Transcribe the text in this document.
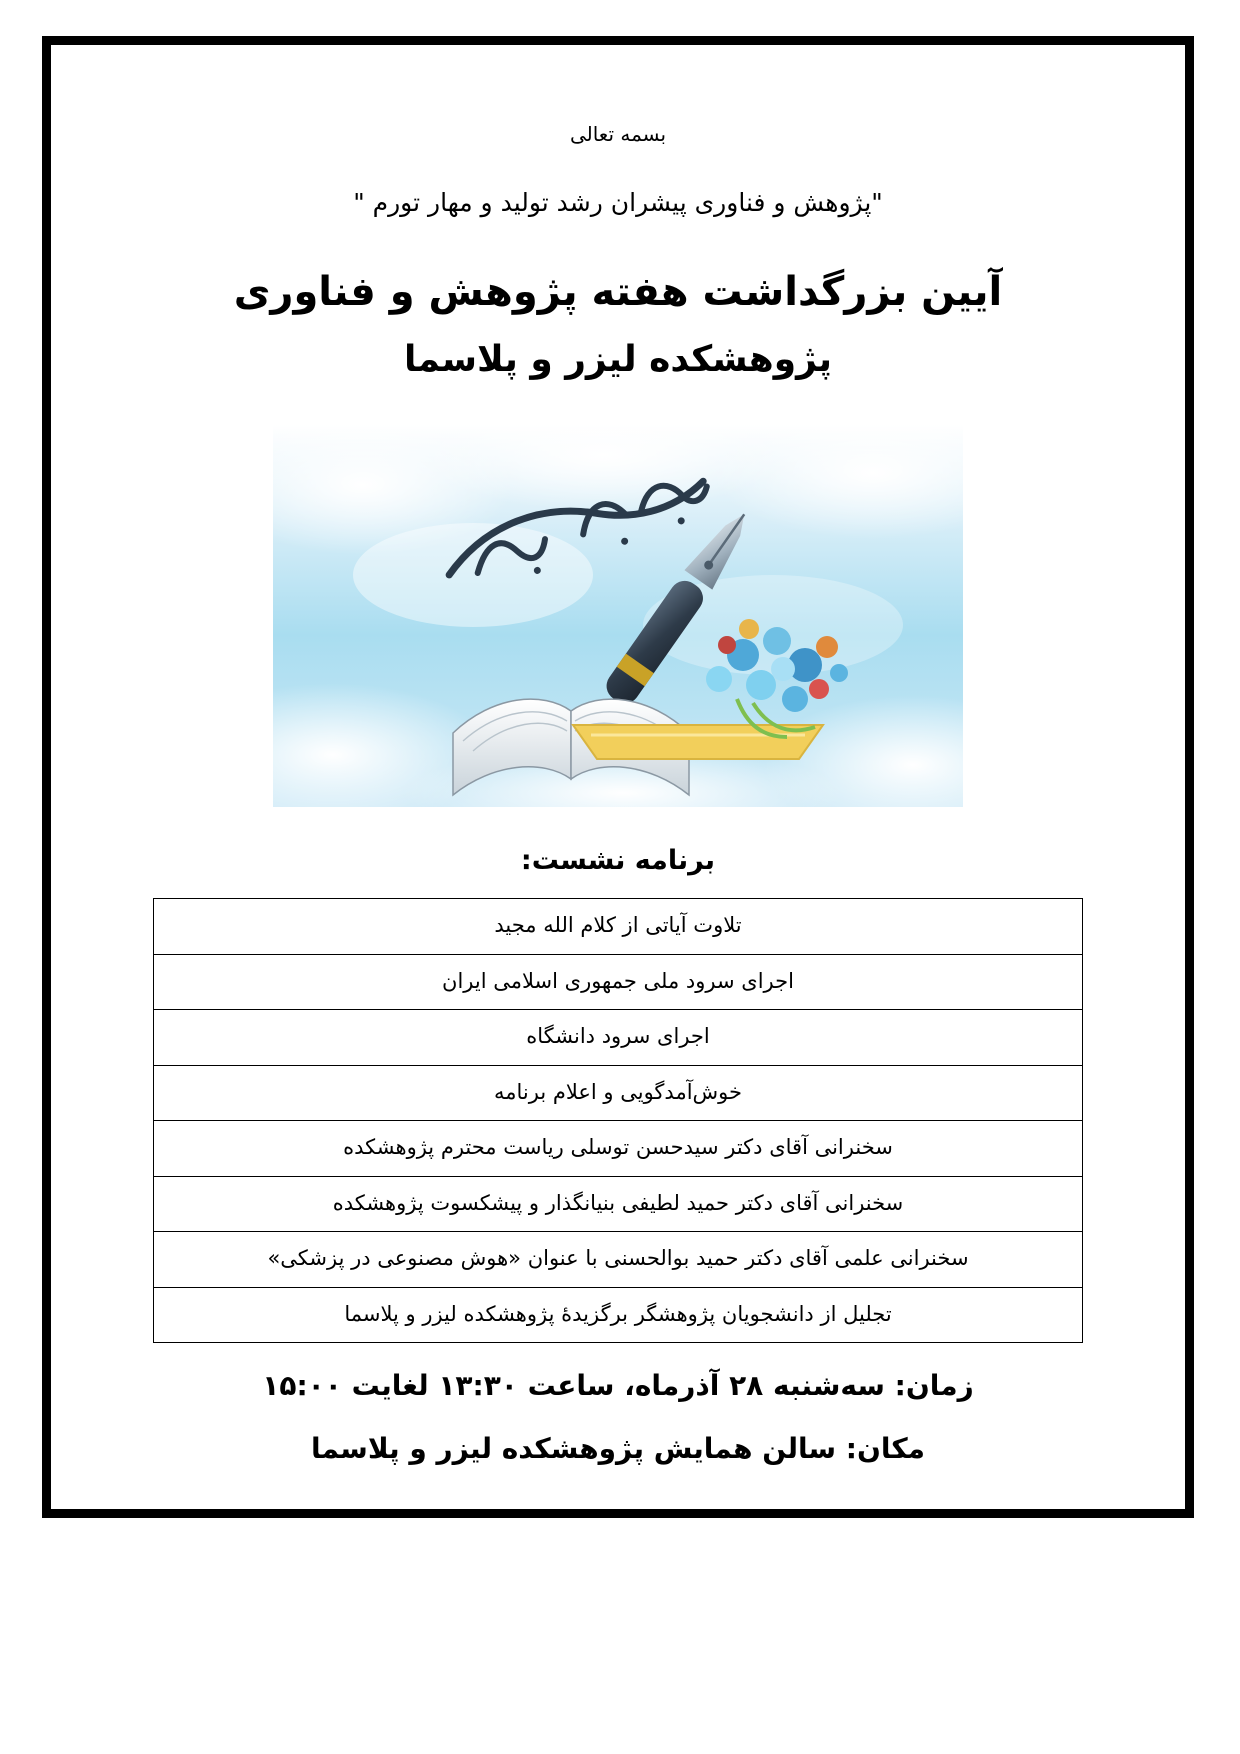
بسمه تعالی
"پژوهش و فناوری پیشران رشد تولید و مهار تورم "
آیین بزرگداشت هفته پژوهش و فناوری
پژوهشکده لیزر و پلاسما
برنامه نشست:
تلاوت آیاتی از کلام الله مجید
اجرای سرود ملی جمهوری اسلامی ایران
اجرای سرود دانشگاه
خوش‌آمدگویی و اعلام برنامه
سخنرانی آقای دکتر سیدحسن توسلی ریاست محترم پژوهشکده
سخنرانی آقای دکتر حمید لطیفی بنیانگذار و پیشکسوت پژوهشکده
سخنرانی علمی آقای دکتر حمید بوالحسنی با عنوان «هوش مصنوعی در پزشکی»
تجلیل از دانشجویان پژوهشگر برگزیدهٔ پژوهشکده لیزر و پلاسما
زمان: سه‌شنبه ۲۸ آذرماه، ساعت ۱۳:۳۰ لغایت ۱۵:۰۰
مکان: سالن همایش پژوهشکده لیزر و پلاسما
